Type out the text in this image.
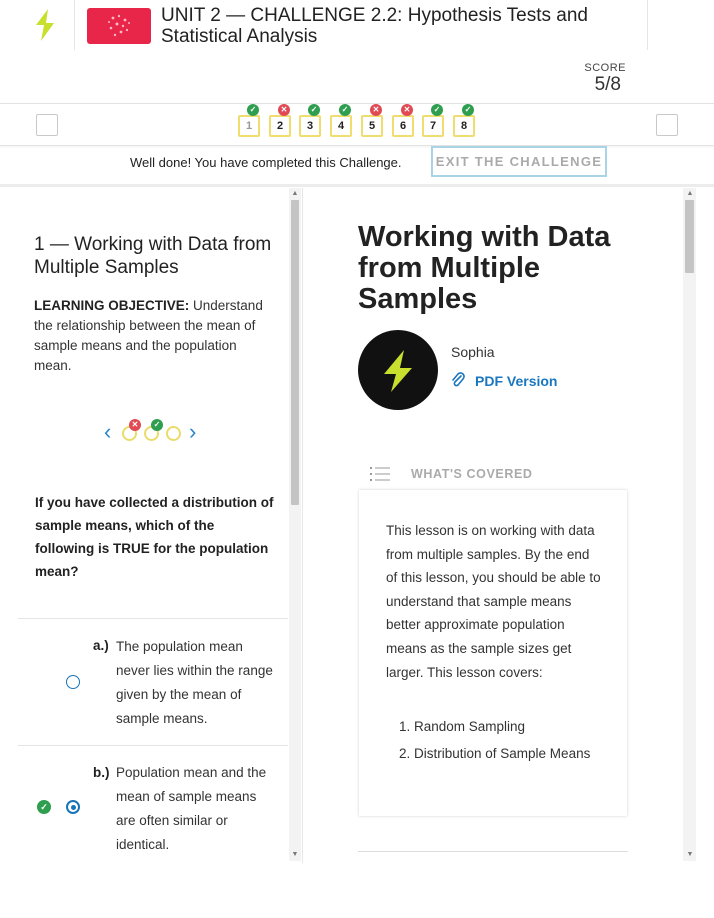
UNIT 2 — CHALLENGE 2.2: Hypothesis Tests and Statistical Analysis
SCORE
5/8
1
✓
2
✕
3
✓
4
✓
5
✕
6
✕
7
✓
8
✓
Well done! You have completed this Challenge.	EXIT THE CHALLENGE
1 — Working with Data from Multiple Samples
LEARNING OBJECTIVE: Understand the relationship between the mean of sample means and the population mean.
‹	✕	✓ ›
If you have collected a distribution of sample means, which of the following is TRUE for the population mean?
a.) The population mean never lies within the range given by the mean of sample means.
b.) Population mean and the mean of sample means are often similar or identical.
✓
▲
▼
Working with Data from Multiple Samples
Sophia
PDF Version
WHAT'S COVERED
This lesson is on working with data from multiple samples. By the end of this lesson, you should be able to understand that sample means better approximate population means as the sample sizes get larger. This lesson covers:
1. Random Sampling
2. Distribution of Sample Means
▲
▼
